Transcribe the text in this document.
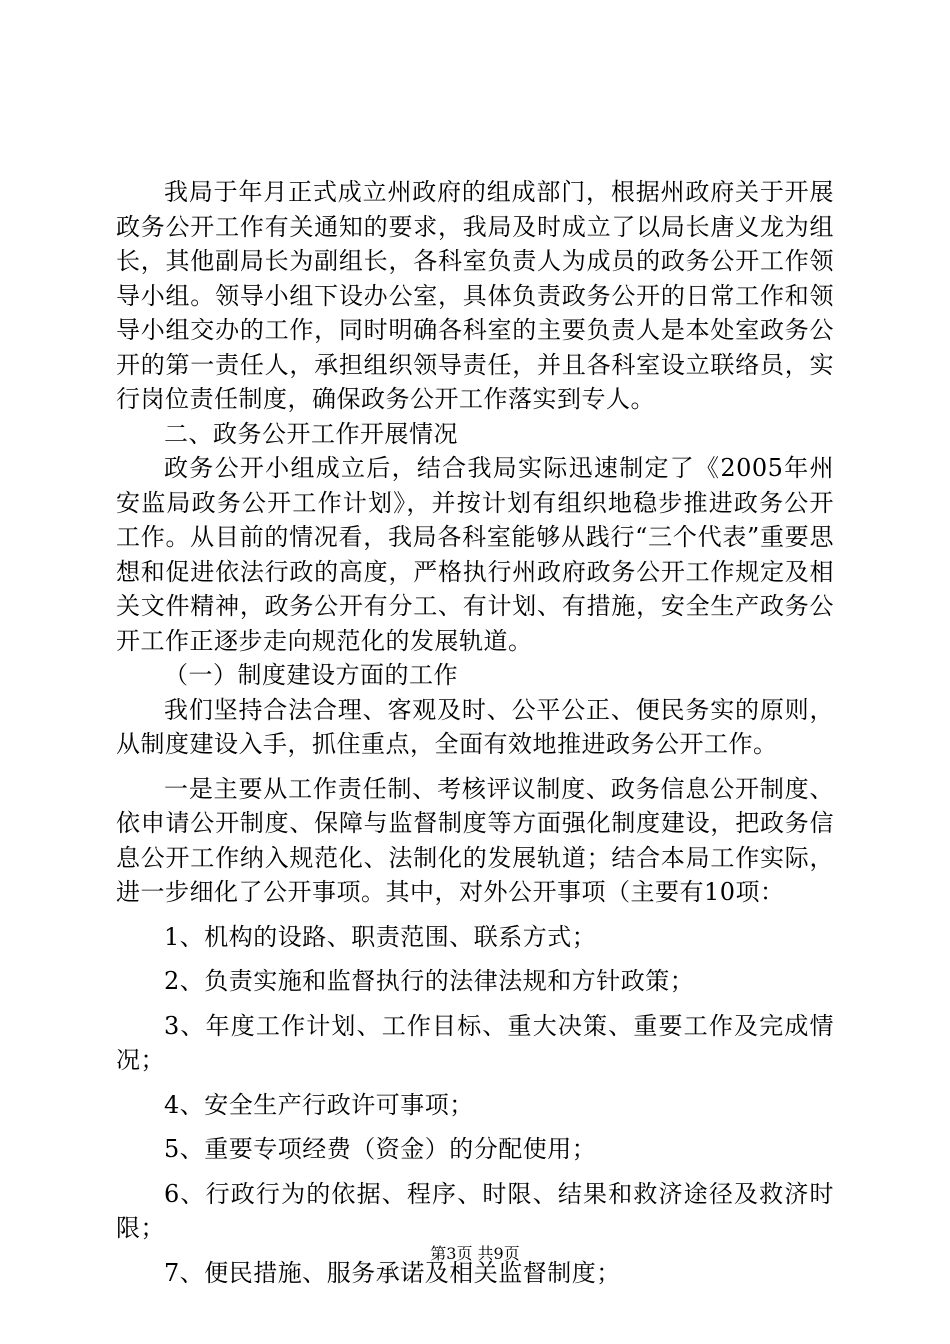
我局于年月正式成立州政府的组成部门，根据州政府关于开展政务公开工作有关通知的要求，我局及时成立了以局长唐义龙为组长，其他副局长为副组长，各科室负责人为成员的政务公开工作领导小组。领导小组下设办公室，具体负责政务公开的日常工作和领导小组交办的工作，同时明确各科室的主要负责人是本处室政务公开的第一责任人，承担组织领导责任，并且各科室设立联络员，实行岗位责任制度，确保政务公开工作落实到专人。

二、政务公开工作开展情况

政务公开小组成立后，结合我局实际迅速制定了《2005年州安监局政务公开工作计划》，并按计划有组织地稳步推进政务公开工作。从目前的情况看，我局各科室能够从践行“三个代表”重要思想和促进依法行政的高度，严格执行州政府政务公开工作规定及相关文件精神，政务公开有分工、有计划、有措施，安全生产政务公开工作正逐步走向规范化的发展轨道。

（一）制度建设方面的工作

我们坚持合法合理、客观及时、公平公正、便民务实的原则，从制度建设入手，抓住重点，全面有效地推进政务公开工作。

一是主要从工作责任制、考核评议制度、政务信息公开制度、依申请公开制度、保障与监督制度等方面强化制度建设，把政务信息公开工作纳入规范化、法制化的发展轨道；结合本局工作实际，进一步细化了公开事项。其中，对外公开事项（主要有10项：

1、机构的设路、职责范围、联系方式；

2、负责实施和监督执行的法律法规和方针政策；

3、年度工作计划、工作目标、重大决策、重要工作及完成情况；

4、安全生产行政许可事项；

5、重要专项经费（资金）的分配使用；

6、行政行为的依据、程序、时限、结果和救济途径及救济时限；

7、便民措施、服务承诺及相关监督制度；

第3页 共9页
